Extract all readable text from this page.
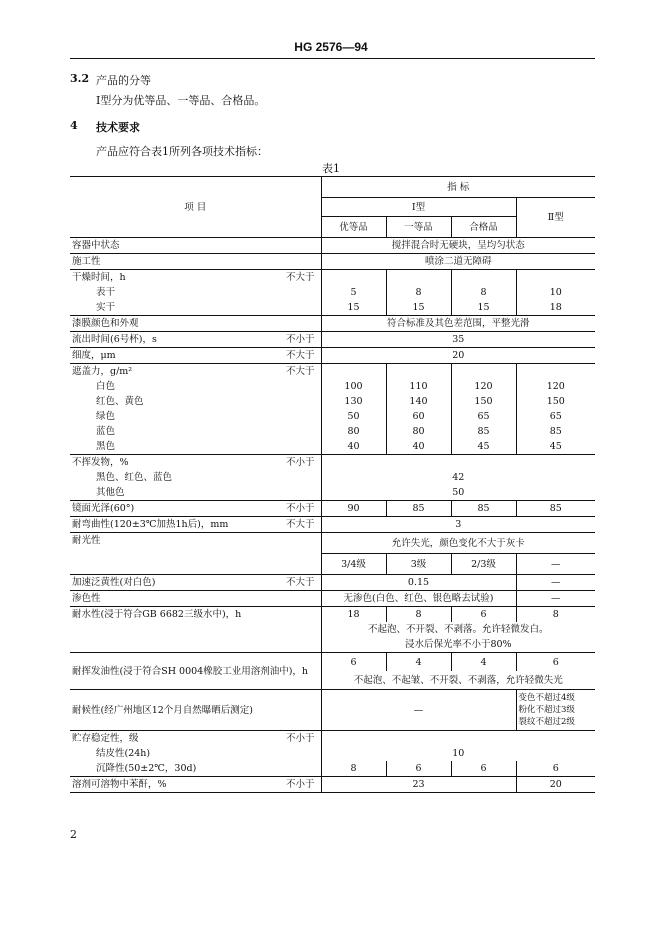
HG 2576—94
3.2 产品的分等
Ⅰ型分为优等品、一等品、合格品。
4 技术要求
产品应符合表1所列各项技术指标：
表1
项 目	指 标			
	Ⅰ型			Ⅱ型
	优等品	一等品	合格品	
容器中状态	搅拌混合时无硬块，呈均匀状态			
施工性	喷涂二道无障碍			

干燥时间，h 不大于				

表干	5	8	8	10
实干	15	15	15	18
漆膜颜色和外观	符合标准及其色差范围，平整光滑			

流出时间(6号杯)，s 不小于	35			

细度，μm 不大于	20			

遮盖力，g/m² 不大于				

白色	100	110	120	120
红色、黄色	130	140	150	150
绿色	50	60	65	65
蓝色	80	80	85	85
黑色	40	40	45	45

不挥发物，% 不小于				

黑色、红色、蓝色	42			
其他色	50			

镜面光泽(60°) 不小于	90	85	85	85

耐弯曲性(120±3℃加热1h后)，mm 不大于	3			
耐光性	允许失光，颜色变化不大于灰卡			
	3/4级	3级	2/3级	—

加速泛黄性(对白色) 不大于	0.15			—
渗色性	无渗色(白色、红色、银色略去试验)			—
耐水性(浸于符合GB 6682三级水中)，h	18	8	6	8
	不起泡、不开裂、不剥落。允许轻微发白。			
	浸水后保光率不小于80%			
耐挥发油性(浸于符合SH 0004橡胶工业用溶剂油中)，h	6	4	4	6
	不起泡、不起皱、不开裂、不剥落，允许轻微失光			
耐候性(经广州地区12个月自然曝晒后测定)	—			变色不超过4级
粉化不超过3级
裂纹不超过2级

贮存稳定性，级 不小于				

结皮性(24h)	10			
沉降性(50±2℃，30d)	8	6	6	6

溶剂可溶物中苯酐，% 不小于	23			20
2
